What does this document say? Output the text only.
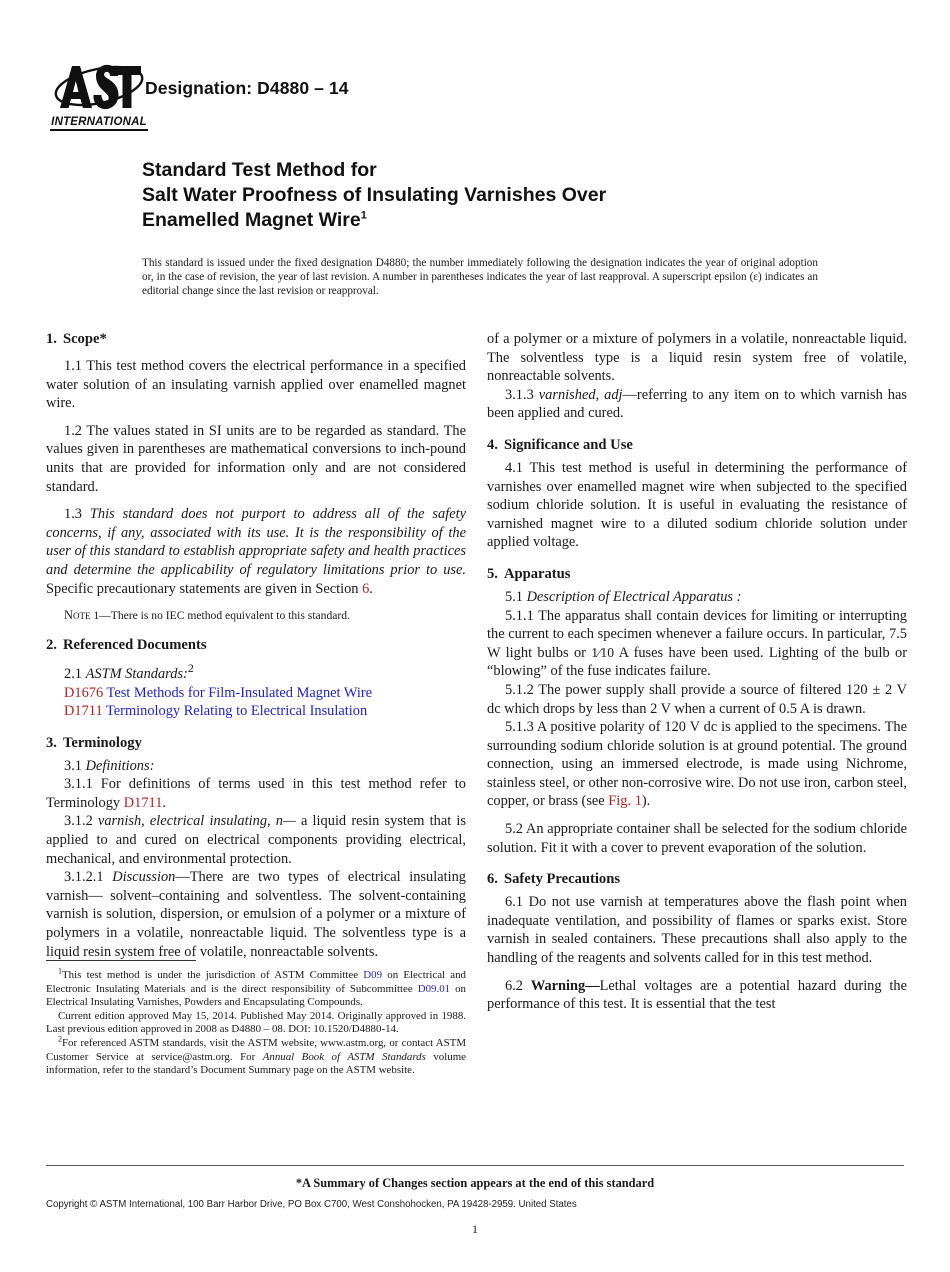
INTERNATIONAL
Designation: D4880 – 14
Standard Test Method for
Salt Water Proofness of Insulating Varnishes Over
Enamelled Magnet Wire$^1$
This standard is issued under the fixed designation D4880; the number immediately following the designation indicates the year of original adoption or, in the case of revision, the year of last revision. A number in parentheses indicates the year of last reapproval. A superscript epsilon (ε) indicates an editorial change since the last revision or reapproval.
1. Scope*

1.1 This test method covers the electrical performance in a specified water solution of an insulating varnish applied over enamelled magnet wire.

1.2 The values stated in SI units are to be regarded as standard. The values given in parentheses are mathematical conversions to inch-pound units that are provided for information only and are not considered standard.

1.3 This standard does not purport to address all of the safety concerns, if any, associated with its use. It is the responsibility of the user of this standard to establish appropriate safety and health practices and determine the applicability of regulatory limitations prior to use. Specific precautionary statements are given in Section 6.

Note 1—There is no IEC method equivalent to this standard.

2. Referenced Documents

2.1 ASTM Standards:$^2$

D1676 Test Methods for Film-Insulated Magnet Wire
D1711 Terminology Relating to Electrical Insulation
3. Terminology

3.1 Definitions:

3.1.1 For definitions of terms used in this test method refer to Terminology D1711.

3.1.2 varnish, electrical insulating, n— a liquid resin system that is applied to and cured on electrical components providing electrical, mechanical, and environmental protection.

3.1.2.1 Discussion—There are two types of electrical insulating varnish— solvent–containing and solventless. The solvent-containing varnish is solution, dispersion, or emulsion of a polymer or a mixture of polymers in a volatile, nonreactable liquid. The solventless type is a liquid resin system free of volatile, nonreactable solvents.

of a polymer or a mixture of polymers in a volatile, nonreactable liquid. The solventless type is a liquid resin system free of volatile, nonreactable solvents.

3.1.3 varnished, adj—referring to any item on to which varnish has been applied and cured.

4. Significance and Use

4.1 This test method is useful in determining the performance of varnishes over enamelled magnet wire when subjected to the specified sodium chloride solution. It is useful in evaluating the resistance of varnished magnet wire to a diluted sodium chloride solution under applied voltage.

5. Apparatus

5.1 Description of Electrical Apparatus :

5.1.1 The apparatus shall contain devices for limiting or interrupting the current to each specimen whenever a failure occurs. In particular, 7.5 W light bulbs or 1⁄10 A fuses have been used. Lighting of the bulb or “blowing” of the fuse indicates failure.

5.1.2 The power supply shall provide a source of filtered 120 ± 2 V dc which drops by less than 2 V when a current of 0.5 A is drawn.

5.1.3 A positive polarity of 120 V dc is applied to the specimens. The surrounding sodium chloride solution is at ground potential. The ground connection, using an immersed electrode, is made using Nichrome, stainless steel, or other non-corrosive wire. Do not use iron, carbon steel, copper, or brass (see Fig. 1).

5.2 An appropriate container shall be selected for the sodium chloride solution. Fit it with a cover to prevent evaporation of the solution.

6. Safety Precautions

6.1 Do not use varnish at temperatures above the flash point when inadequate ventilation, and possibility of flames or sparks exist. Store varnish in sealed containers. These precautions shall also apply to the handling of the reagents and solvents called for in this test method.

6.2 Warning—Lethal voltages are a potential hazard during the performance of this test. It is essential that the test

$^1$This test method is under the jurisdiction of ASTM Committee D09 on Electrical and Electronic Insulating Materials and is the direct responsibility of Subcommittee D09.01 on Electrical Insulating Varnishes, Powders and Encapsulating Compounds.

Current edition approved May 15, 2014. Published May 2014. Originally approved in 1988. Last previous edition approved in 2008 as D4880 – 08. DOI: 10.1520/D4880-14.

$^2$For referenced ASTM standards, visit the ASTM website, www.astm.org, or contact ASTM Customer Service at service@astm.org. For Annual Book of ASTM Standards volume information, refer to the standard’s Document Summary page on the ASTM website.

*A Summary of Changes section appears at the end of this standard
Copyright © ASTM International, 100 Barr Harbor Drive, PO Box C700, West Conshohocken, PA 19428-2959. United States
1
